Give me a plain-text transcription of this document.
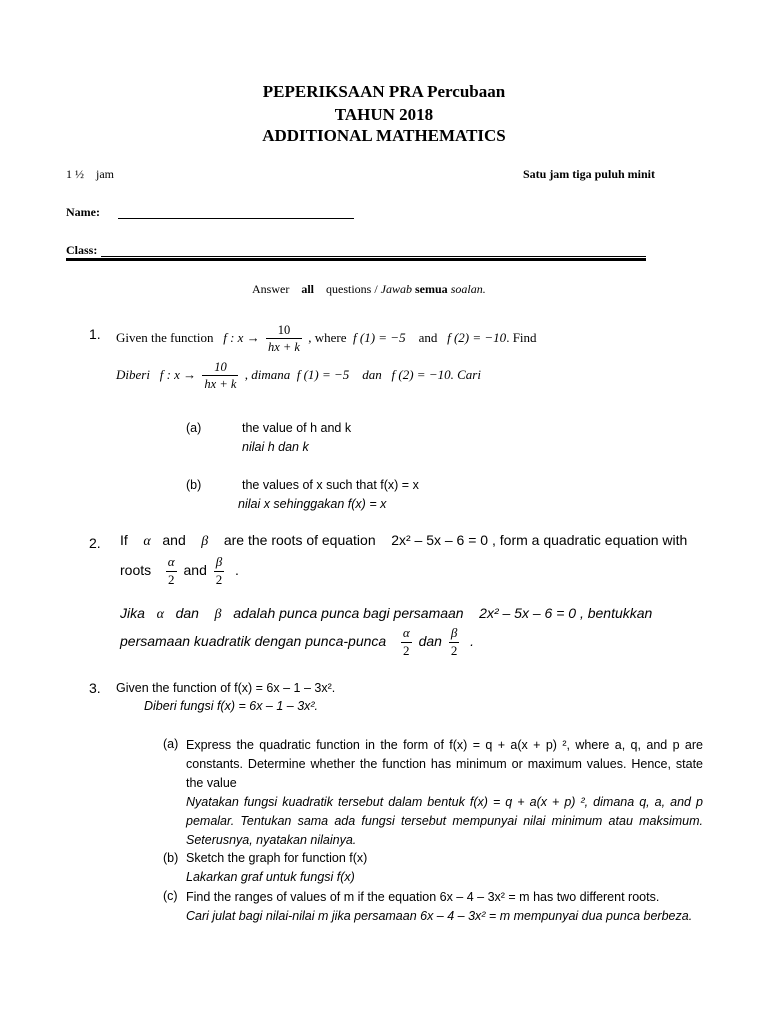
PEPERIKSAAN PRA Percubaan
TAHUN 2018
ADDITIONAL MATHEMATICS
1 ½    jam	Satu jam tiga puluh minit
Name:
Class:
Answer all questions / Jawab semua soalan.
1. Given the function f : $x \to \frac{10}{hx + k}$ , where f (1) = −5 and f (2) = −10. Find
Diberi f : $x \to \frac{10}{hx + k}$ , dimana f (1) = −5 dan f (2) = −10. Cari
(a)	the value of h and k
nilai h dan k
(b)	the values of x such that f(x) = x
nilai x sehinggakan f(x) = x
2. If α and β are the roots of equation 2x² – 5x – 6 = 0 , form a quadratic equation with
roots $\frac{\alpha}{2}$ and $\frac{\beta}{2}$ .
Jika α dan β adalah punca punca bagi persamaan 2x² – 5x – 6 = 0 , bentukkan
persamaan kuadratik dengan punca-punca $\frac{\alpha}{2}$ dan $\frac{\beta}{2}$ .
3. Given the function of f(x) = 6x – 1 – 3x².
Diberi fungsi f(x) = 6x – 1 – 3x².
(a) Express the quadratic function in the form of f(x) = q + a(x + p) ², where a, q, and p are constants. Determine whether the function has minimum or maximum values. Hence, state the value
Nyatakan fungsi kuadratik tersebut dalam bentuk f(x) = q + a(x + p) ², dimana q, a, and p pemalar. Tentukan sama ada fungsi tersebut mempunyai nilai minimum atau maksimum. Seterusnya, nyatakan nilainya.
(b) Sketch the graph for function f(x)
Lakarkan graf untuk fungsi f(x)
(c) Find the ranges of values of m if the equation 6x – 4 – 3x² = m has two different roots.
Cari julat bagi nilai-nilai m jika persamaan 6x – 4 – 3x² = m mempunyai dua punca berbeza.
